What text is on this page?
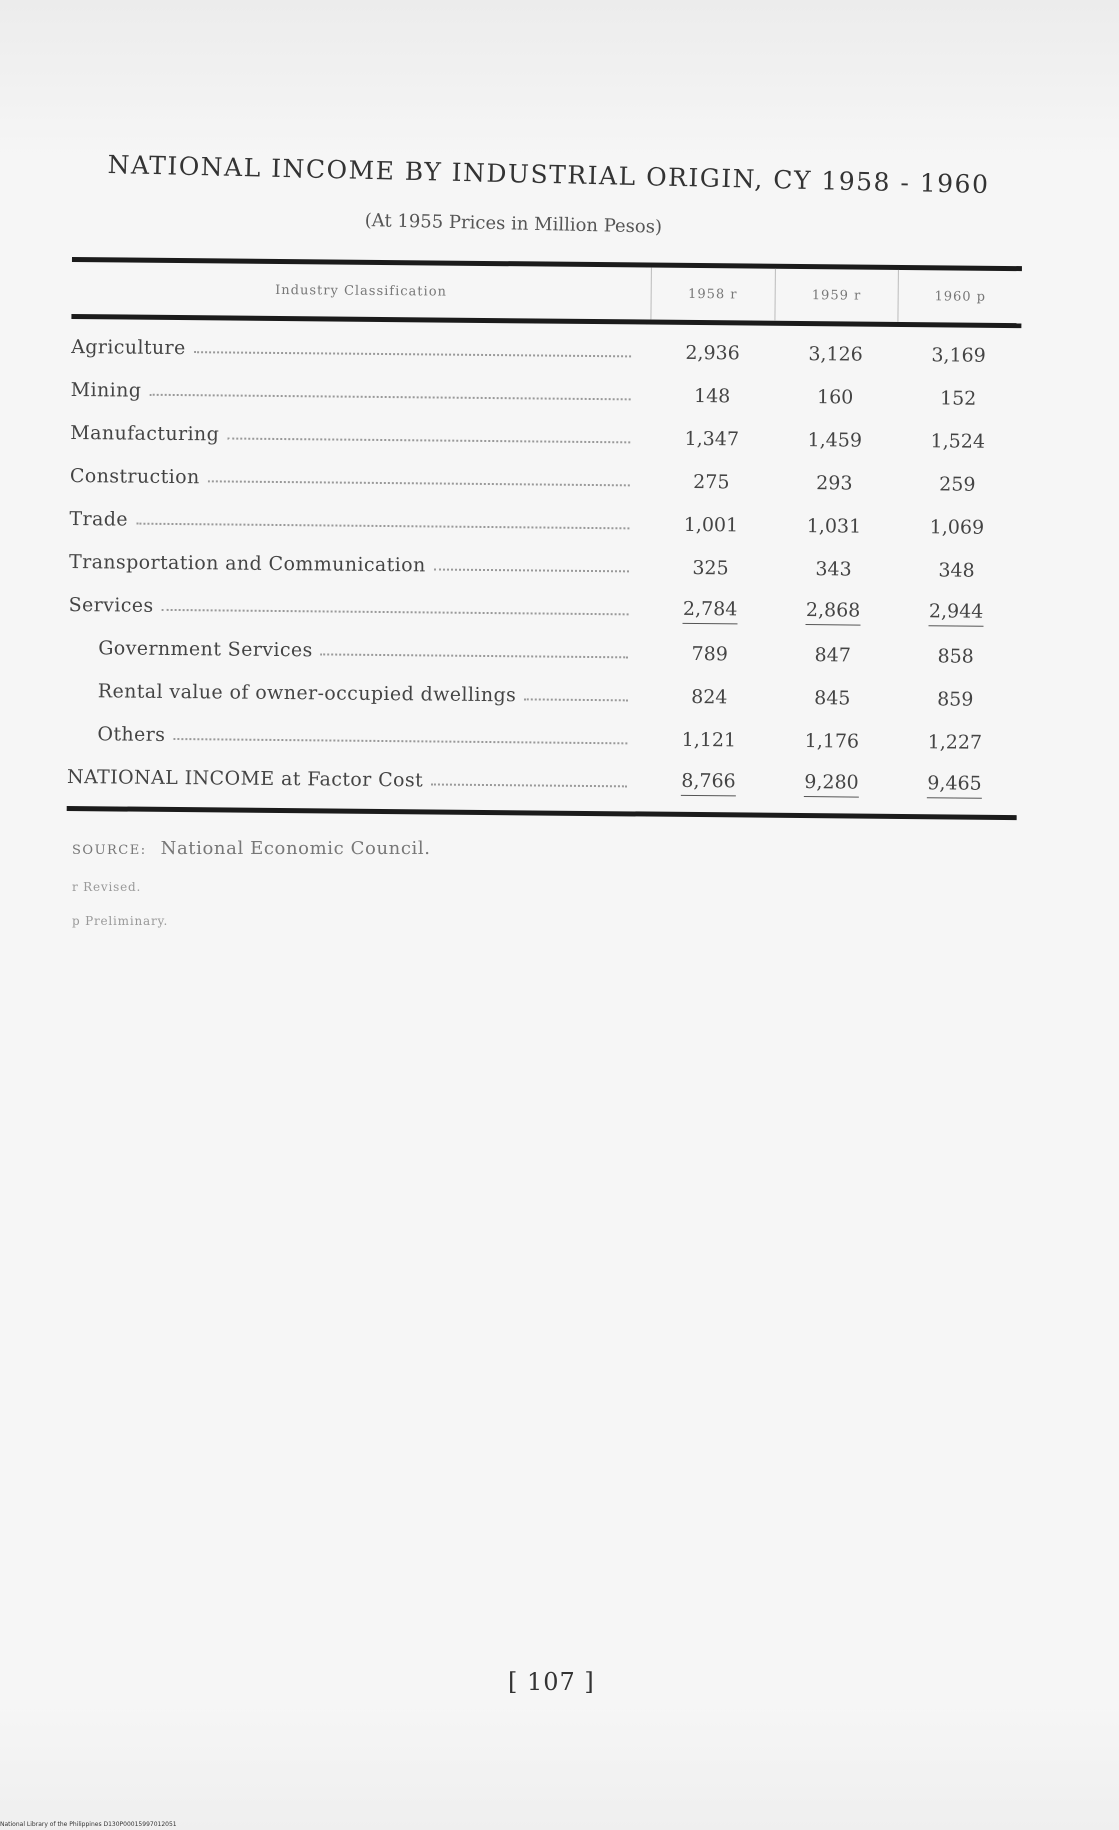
NATIONAL INCOME BY INDUSTRIAL ORIGIN, CY 1958 - 1960
(At 1955 Prices in Million Pesos)
Industry Classification	1958 r	1959 r	1960 p
Agriculture	2,936	3,126	3,169
Mining	148	160	152
Manufacturing	1,347	1,459	1,524
Construction	275	293	259
Trade	1,001	1,031	1,069
Transportation and Communication	325	343	348
Services	2,784	2,868	2,944
Government Services	789	847	858
Rental value of owner-occupied dwellings	824	845	859
Others	1,121	1,176	1,227
NATIONAL INCOME at Factor Cost	8,766	9,280	9,465
SOURCE: National Economic Council.
r Revised.
p Preliminary.
[ 107 ]
National Library of the Philippines D130P00015997012051
